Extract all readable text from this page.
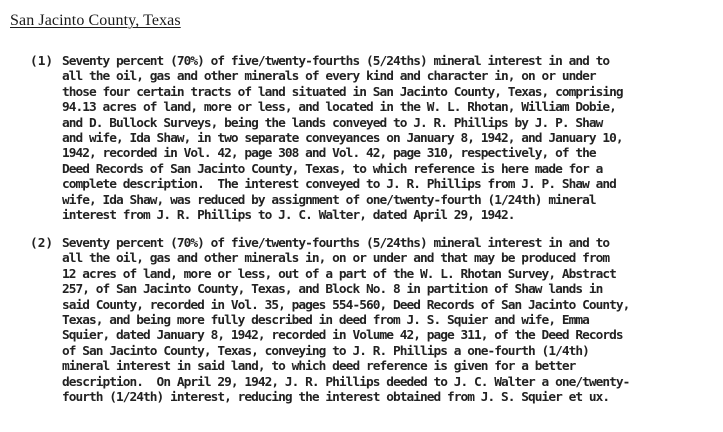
San Jacinto County, Texas
(1) Seventy percent (70%) of five/twenty-fourths (5/24ths) mineral interest in and to
all the oil, gas and other minerals of every kind and character in, on or under
those four certain tracts of land situated in San Jacinto County, Texas, comprising
94.13 acres of land, more or less, and located in the W. L. Rhotan, William Dobie,
and D. Bullock Surveys, being the lands conveyed to J. R. Phillips by J. P. Shaw
and wife, Ida Shaw, in two separate conveyances on January 8, 1942, and January 10,
1942, recorded in Vol. 42, page 308 and Vol. 42, page 310, respectively, of the
Deed Records of San Jacinto County, Texas, to which reference is here made for a
complete description.  The interest conveyed to J. R. Phillips from J. P. Shaw and
wife, Ida Shaw, was reduced by assignment of one/twenty-fourth (1/24th) mineral
interest from J. R. Phillips to J. C. Walter, dated April 29, 1942.
(2) Seventy percent (70%) of five/twenty-fourths (5/24ths) mineral interest in and to
all the oil, gas and other minerals in, on or under and that may be produced from
12 acres of land, more or less, out of a part of the W. L. Rhotan Survey, Abstract
257, of San Jacinto County, Texas, and Block No. 8 in partition of Shaw lands in
said County, recorded in Vol. 35, pages 554-560, Deed Records of San Jacinto County,
Texas, and being more fully described in deed from J. S. Squier and wife, Emma
Squier, dated January 8, 1942, recorded in Volume 42, page 311, of the Deed Records
of San Jacinto County, Texas, conveying to J. R. Phillips a one-fourth (1/4th)
mineral interest in said land, to which deed reference is given for a better
description.  On April 29, 1942, J. R. Phillips deeded to J. C. Walter a one/twenty-
fourth (1/24th) interest, reducing the interest obtained from J. S. Squier et ux.
